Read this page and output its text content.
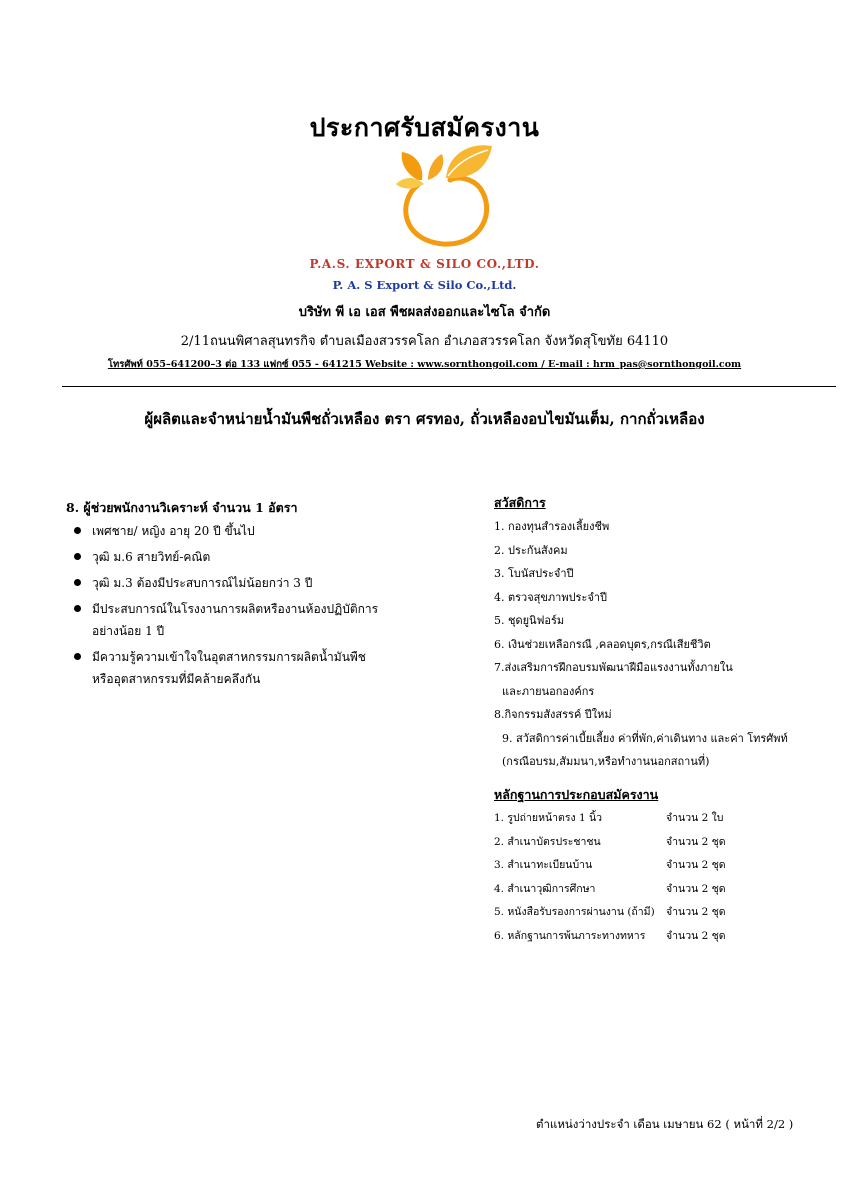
ประกาศรับสมัครงาน
P.A.S. EXPORT & SILO CO.,LTD.
P. A. S Export & Silo Co.,Ltd.
บริษัท พี เอ เอส พืชผลส่งออกและไซโล จำกัด
2/11ถนนพิศาลสุนทรกิจ ตำบลเมืองสวรรคโลก อำเภอสวรรคโลก จังหวัดสุโขทัย 64110
โทรศัพท์ 055–641200–3 ต่อ 133 แฟกซ์ 055 - 641215 Website : www.sornthongoil.com / E-mail : hrm_pas@sornthongoil.com
ผู้ผลิตและจำหน่ายน้ำมันพืชถั่วเหลือง ตรา ศรทอง, ถั่วเหลืองอบไขมันเต็ม, กากถั่วเหลือง
8. ผู้ช่วยพนักงานวิเคราะห์ จำนวน 1 อัตรา
เพศชาย/ หญิง อายุ 20 ปี ขึ้นไป
วุฒิ ม.6 สายวิทย์-คณิต
วุฒิ ม.3 ต้องมีประสบการณ์ไม่น้อยกว่า 3 ปี
มีประสบการณ์ในโรงงานการผลิตหรืองานห้องปฏิบัติการ
อย่างน้อย 1 ปี
มีความรู้ความเข้าใจในอุตสาหกรรมการผลิตน้ำมันพืช
หรืออุตสาหกรรมที่มีคล้ายคลึงกัน
สวัสดิการ
1. กองทุนสำรองเลี้ยงชีพ
2. ประกันสังคม
3. โบนัสประจำปี
4. ตรวจสุขภาพประจำปี
5. ชุดยูนิฟอร์ม
6. เงินช่วยเหลือกรณี ,คลอดบุตร,กรณีเสียชีวิต
7.ส่งเสริมการฝึกอบรมพัฒนาฝีมือแรงงานทั้งภายใน
และภายนอกองค์กร
8.กิจกรรมสังสรรค์ ปีใหม่
9. สวัสดิการค่าเบี้ยเลี้ยง ค่าที่พัก,ค่าเดินทาง และค่า โทรศัพท์
(กรณีอบรม,สัมมนา,หรือทำงานนอกสถานที่)
หลักฐานการประกอบสมัครงาน
1. รูปถ่ายหน้าตรง 1 นิ้ว	จำนวน 2 ใบ
2. สำเนาบัตรประชาชน	จำนวน 2 ชุด
3. สำเนาทะเบียนบ้าน	จำนวน 2 ชุด
4. สำเนาวุฒิการศึกษา	จำนวน 2 ชุด
5. หนังสือรับรองการผ่านงาน (ถ้ามี)	จำนวน 2 ชุด
6. หลักฐานการพ้นภาระทางทหาร	จำนวน 2 ชุด
ตำแหน่งว่างประจำ เดือน เมษายน 62 ( หน้าที่ 2/2 )
